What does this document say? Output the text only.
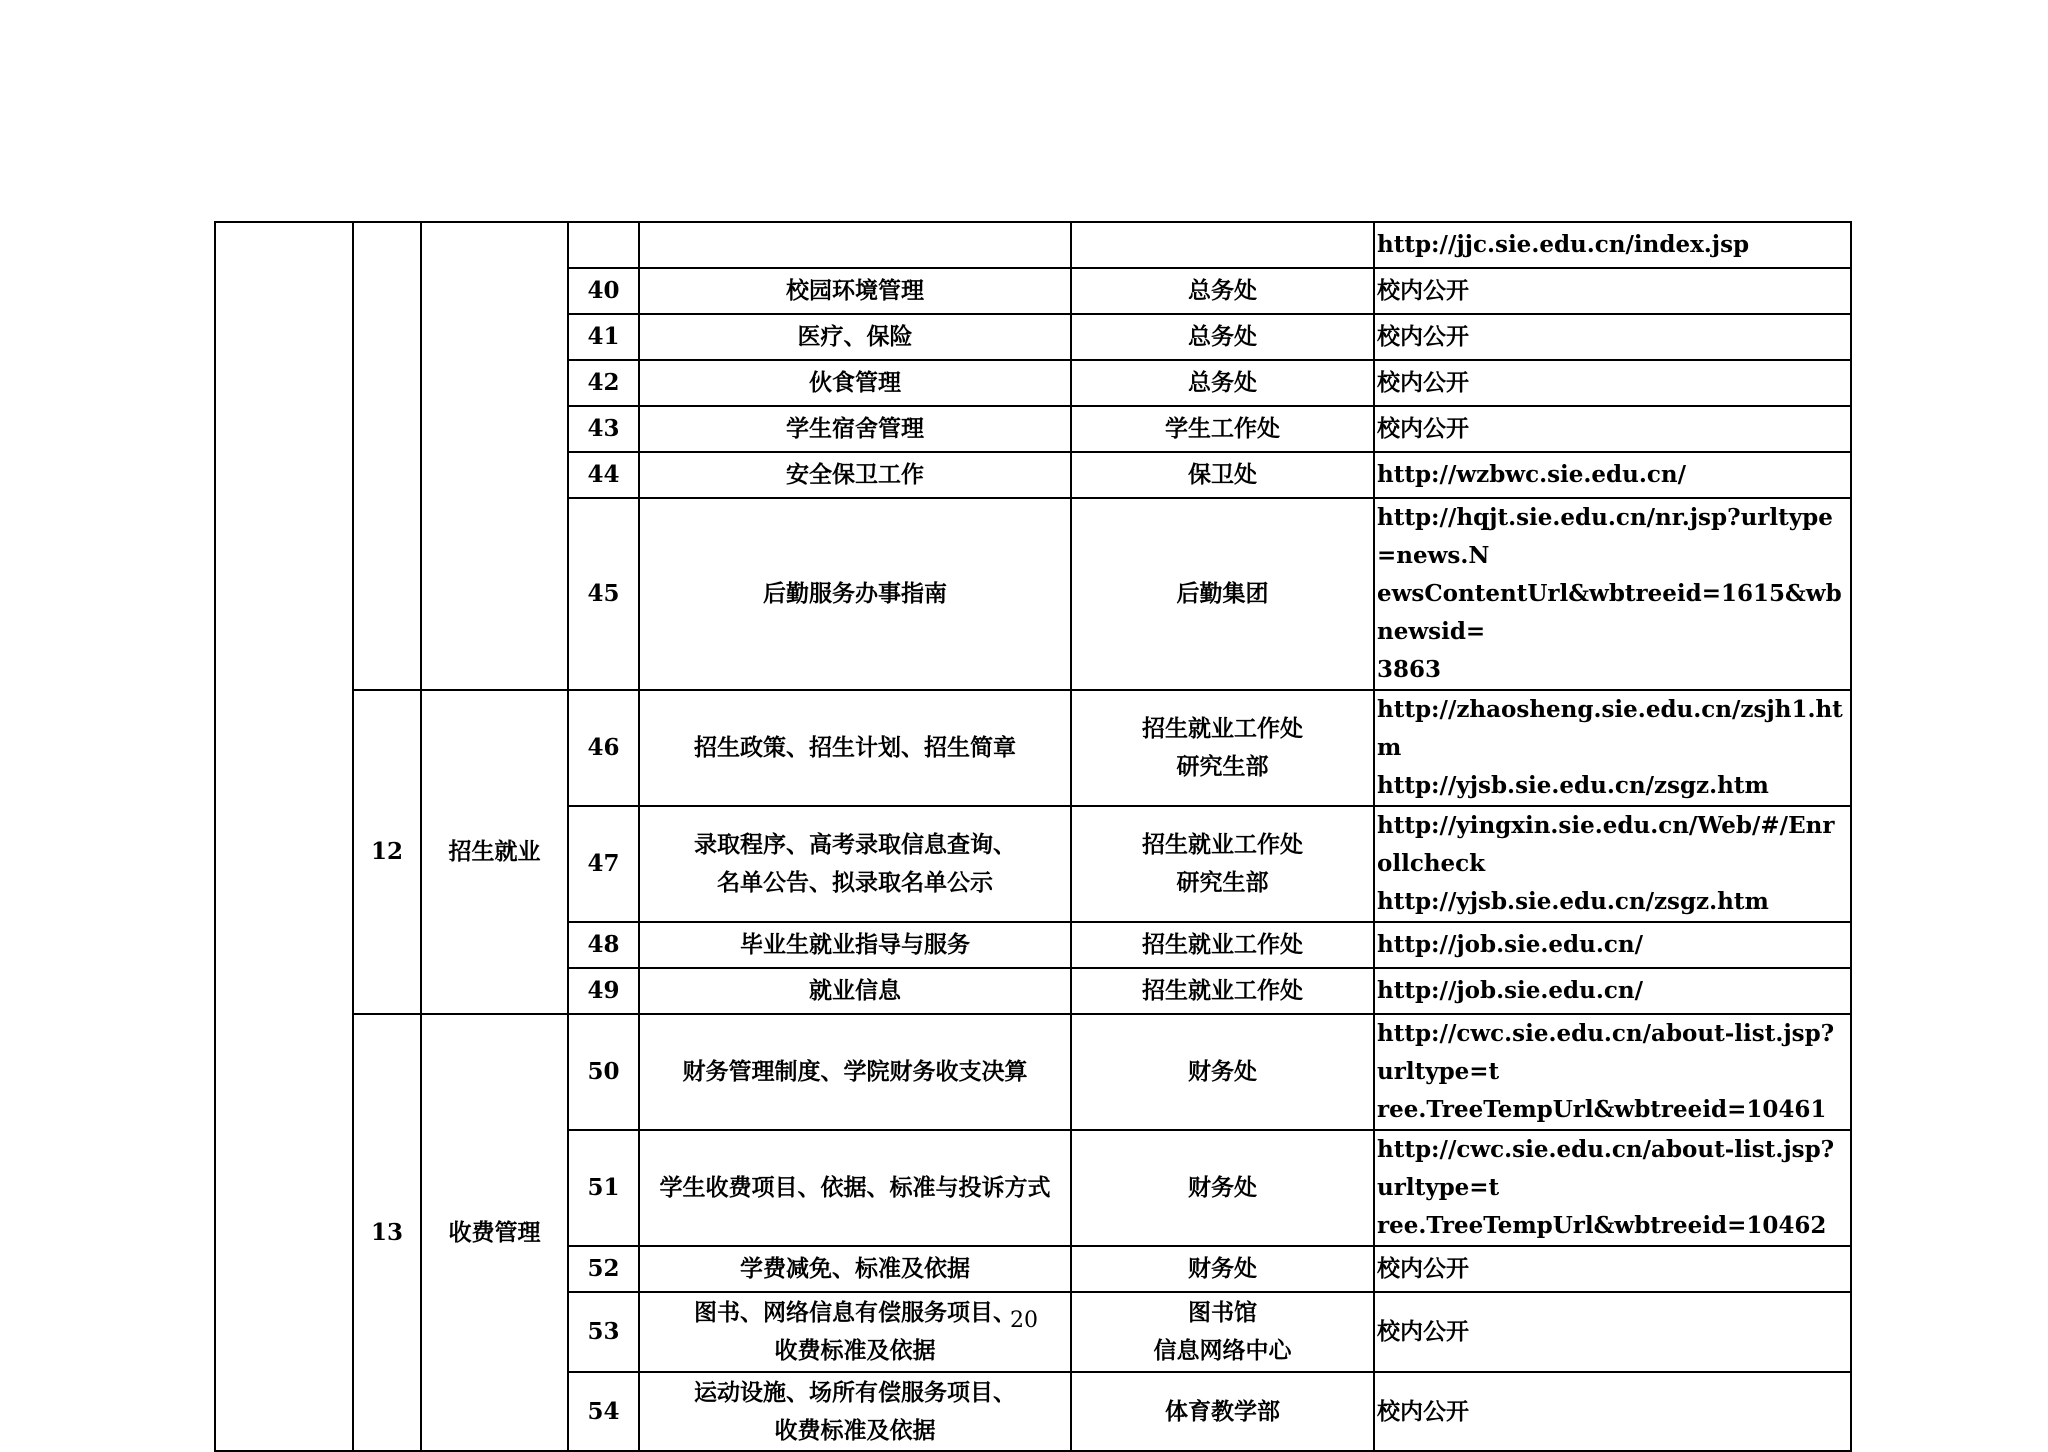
						http://jjc.sie.edu.cn/index.jsp

			40	校园环境管理	总务处	校内公开

			41	医疗、保险	总务处	校内公开

			42	伙食管理	总务处	校内公开

			43	学生宿舍管理	学生工作处	校内公开

			44	安全保卫工作	保卫处	http://wzbwc.sie.edu.cn/

			45	后勤服务办事指南	后勤集团	http://hqjt.sie.edu.cn/nr.jsp?urltype=news.N
ewsContentUrl&wbtreeid=1615&wbnewsid=
3863

	12	招生就业	46	招生政策、招生计划、招生简章	招生就业工作处
研究生部	http://zhaosheng.sie.edu.cn/zsjh1.htm
http://yjsb.sie.edu.cn/zsgz.htm

			47	录取程序、高考录取信息查询、
名单公告、拟录取名单公示	招生就业工作处
研究生部	http://yingxin.sie.edu.cn/Web/#/Enrollcheck
http://yjsb.sie.edu.cn/zsgz.htm

			48	毕业生就业指导与服务	招生就业工作处	http://job.sie.edu.cn/

			49	就业信息	招生就业工作处	http://job.sie.edu.cn/

	13	收费管理	50	财务管理制度、学院财务收支决算	财务处	http://cwc.sie.edu.cn/about-list.jsp?urltype=t
ree.TreeTempUrl&wbtreeid=10461

			51	学生收费项目、依据、标准与投诉方式	财务处	http://cwc.sie.edu.cn/about-list.jsp?urltype=t
ree.TreeTempUrl&wbtreeid=10462

			52	学费减免、标准及依据	财务处	校内公开

			53	图书、网络信息有偿服务项目、
收费标准及依据	图书馆
信息网络中心	校内公开

			54	运动设施、场所有偿服务项目、
收费标准及依据	体育教学部	校内公开
20
